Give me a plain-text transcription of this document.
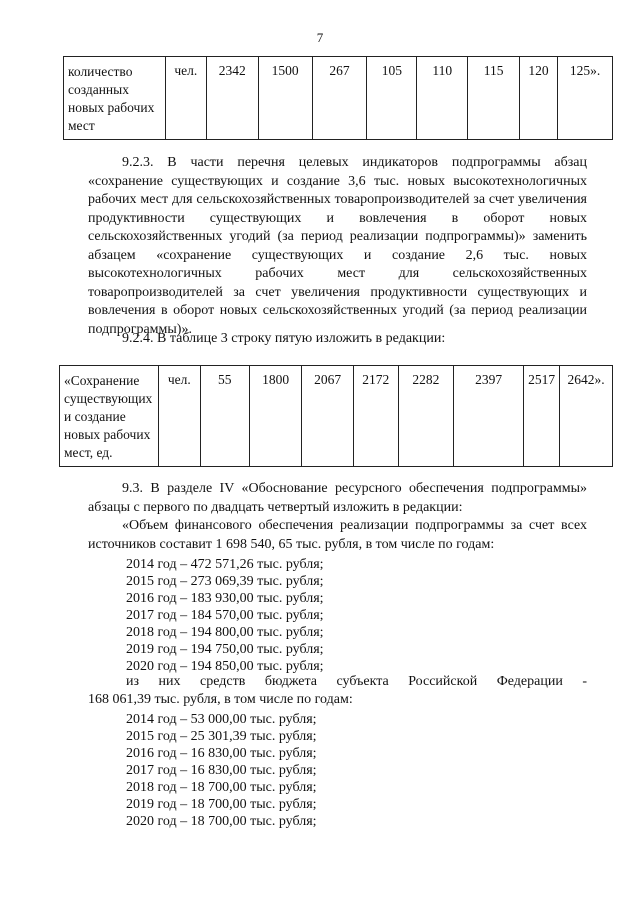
7
количество созданных новых рабочих мест	чел.	2342	1500	267	105	110	115	120	125».
9.2.3. В части перечня целевых индикаторов подпрограммы абзац «сохранение существующих и создание 3,6 тыс. новых высокотехнологичных рабочих мест для сельскохозяйственных товаропроизводителей за счет увеличения продуктивности существующих и вовлечения в оборот новых сельскохозяйственных угодий (за период реализации подпрограммы)» заменить абзацем «сохранение существующих и создание 2,6 тыс. новых высокотехнологичных рабочих мест для сельскохозяйственных товаропроизводителей за счет увеличения продуктивности существующих и вовлечения в оборот новых сельскохозяйственных угодий (за период реализации подпрограммы)».
9.2.4. В таблице 3 строку пятую изложить в редакции:
«Сохранение существующих и создание новых рабочих мест, ед.	чел.	55	1800	2067	2172	2282	2397	2517	2642».
9.3. В разделе IV «Обоснование ресурсного обеспечения подпрограммы» абзацы с первого по двадцать четвертый изложить в редакции:
«Объем финансового обеспечения реализации подпрограммы за счет всех источников составит 1 698 540, 65 тыс. рубля, в том числе по годам:
2014 год – 472 571,26 тыс. рубля;
2015 год – 273 069,39 тыс. рубля;
2016 год – 183 930,00 тыс. рубля;
2017 год – 184 570,00 тыс. рубля;
2018 год – 194 800,00 тыс. рубля;
2019 год – 194 750,00 тыс. рубля;
2020 год – 194 850,00 тыс. рубля;
из них средств бюджета субъекта Российской Федерации -
168 061,39 тыс. рубля, в том числе по годам:
2014 год – 53 000,00 тыс. рубля;
2015 год – 25 301,39 тыс. рубля;
2016 год – 16 830,00 тыс. рубля;
2017 год – 16 830,00 тыс. рубля;
2018 год – 18 700,00 тыс. рубля;
2019 год – 18 700,00 тыс. рубля;
2020 год – 18 700,00 тыс. рубля;
